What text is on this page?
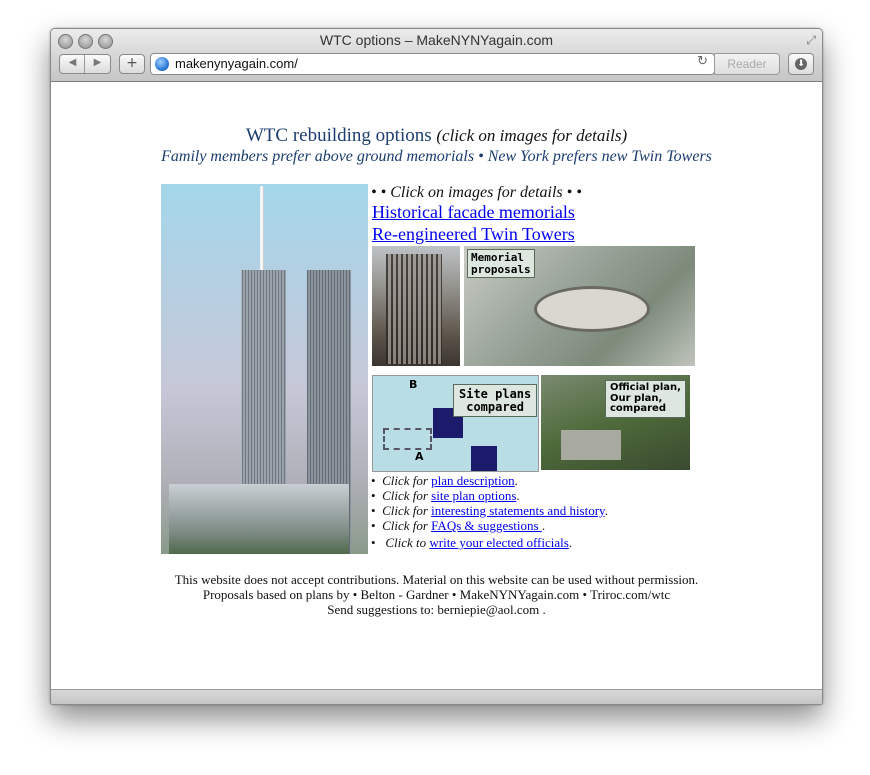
WTC options – MakeNYNYagain.com	⤢
◀	▶	+	makenynyagain.com/	↻	Reader	⬇
WTC rebuilding options (click on images for details)
Family members prefer above ground memorials • New York prefers new Twin Towers
• • Click on images for details • •
Historical facade memorials
Re-engineered Twin Towers
Memorial
proposals
B
A
Site plans
compared
Official plan,
Our plan,
compared
• Click for plan description.
• Click for site plan options.
• Click for interesting statements and history.
• Click for FAQs & suggestions .
• Click to write your elected officials.
This website does not accept contributions. Material on this website can be used without permission.
Proposals based on plans by • Belton - Gardner • MakeNYNYagain.com • Triroc.com/wtc
Send suggestions to: berniepie@aol.com .
